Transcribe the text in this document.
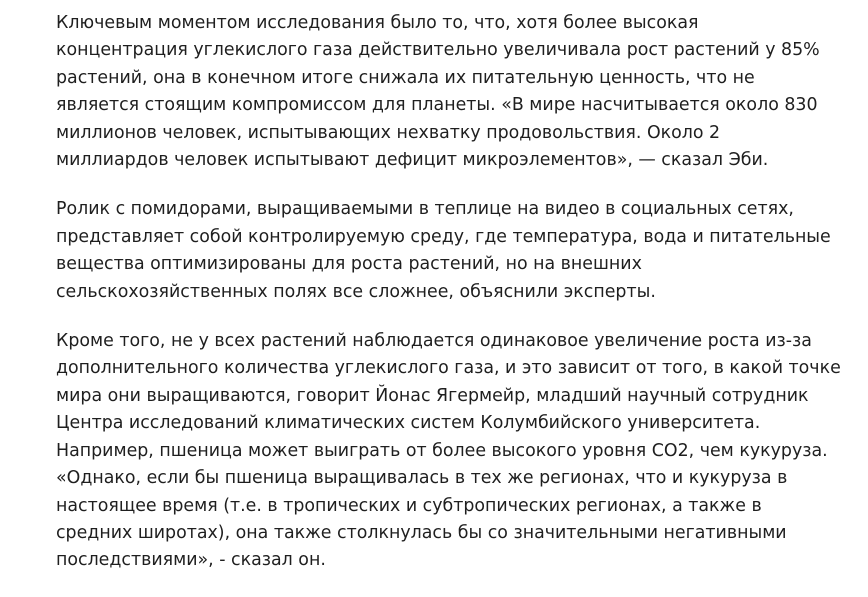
Ключевым моментом исследования было то, что, хотя более высокая
концентрация углекислого газа действительно увеличивала рост растений у 85%
растений, она в конечном итоге снижала их питательную ценность, что не
является стоящим компромиссом для планеты. «В мире насчитывается около 830
миллионов человек, испытывающих нехватку продовольствия. Около 2
миллиардов человек испытывают дефицит микроэлементов», — сказал Эби.

Ролик с помидорами, выращиваемыми в теплице на видео в социальных сетях,
представляет собой контролируемую среду, где температура, вода и питательные
вещества оптимизированы для роста растений, но на внешних
сельскохозяйственных полях все сложнее, объяснили эксперты.

Кроме того, не у всех растений наблюдается одинаковое увеличение роста из-за
дополнительного количества углекислого газа, и это зависит от того, в какой точке
мира они выращиваются, говорит Йонас Ягермейр, младший научный сотрудник
Центра исследований климатических систем Колумбийского университета.
Например, пшеница может выиграть от более высокого уровня CO2, чем кукуруза.
«Однако, если бы пшеница выращивалась в тех же регионах, что и кукуруза в
настоящее время (т.е. в тропических и субтропических регионах, а также в
средних широтах), она также столкнулась бы со значительными негативными
последствиями», - сказал он.
